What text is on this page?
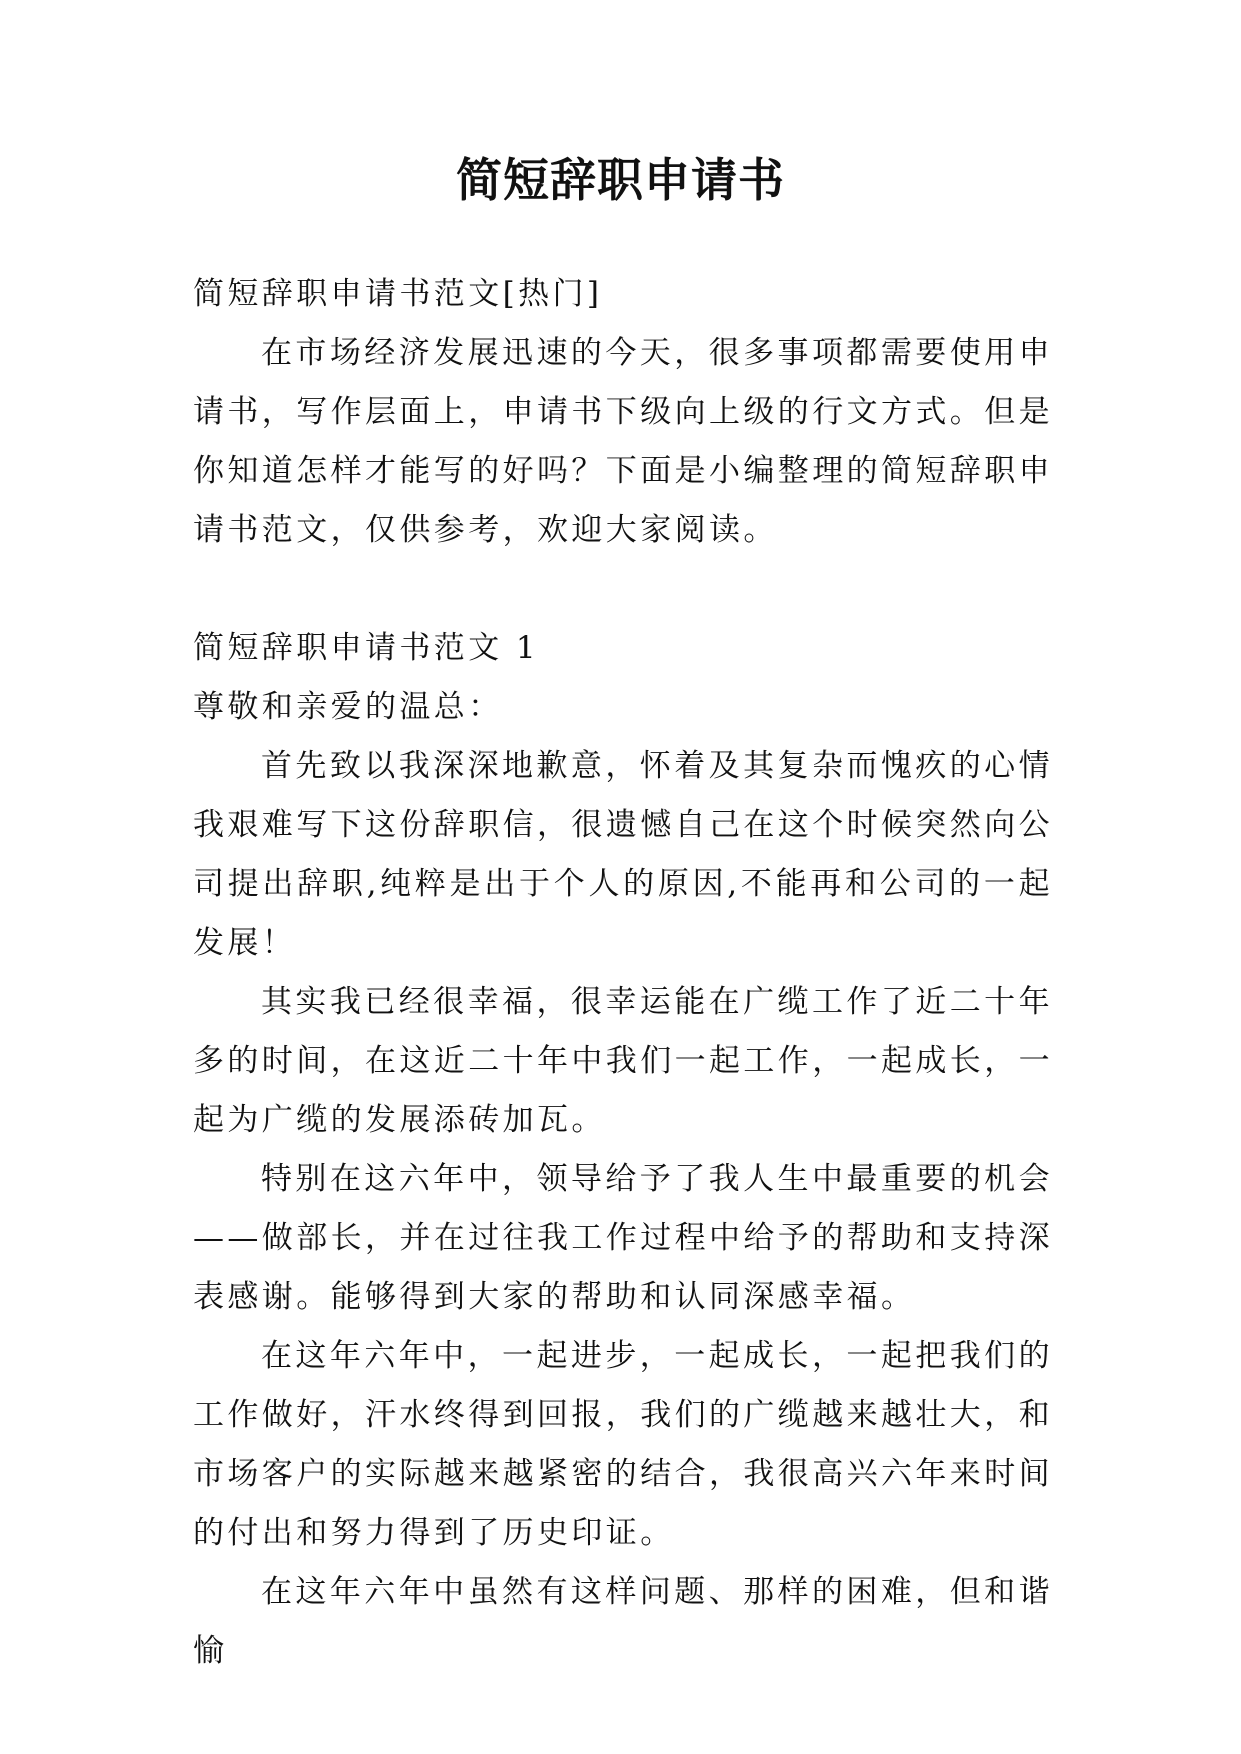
简短辞职申请书

简短辞职申请书范文[热门]

在市场经济发展迅速的今天，很多事项都需要使用申请书，写作层面上，申请书下级向上级的行文方式。但是你知道怎样才能写的好吗？下面是小编整理的简短辞职申请书范文，仅供参考，欢迎大家阅读。

简短辞职申请书范文 1

尊敬和亲爱的温总：

首先致以我深深地歉意，怀着及其复杂而愧疚的心情我艰难写下这份辞职信，很遗憾自己在这个时候突然向公司提出辞职,纯粹是出于个人的原因,不能再和公司的一起发展！

其实我已经很幸福，很幸运能在广缆工作了近二十年多的时间，在这近二十年中我们一起工作，一起成长，一起为广缆的发展添砖加瓦。

特别在这六年中，领导给予了我人生中最重要的机会——做部长，并在过往我工作过程中给予的帮助和支持深表感谢。能够得到大家的帮助和认同深感幸福。

在这年六年中，一起进步，一起成长，一起把我们的工作做好，汗水终得到回报，我们的广缆越来越壮大，和市场客户的实际越来越紧密的结合，我很高兴六年来时间的付出和努力得到了历史印证。

在这年六年中虽然有这样问题、那样的困难，但和谐愉
